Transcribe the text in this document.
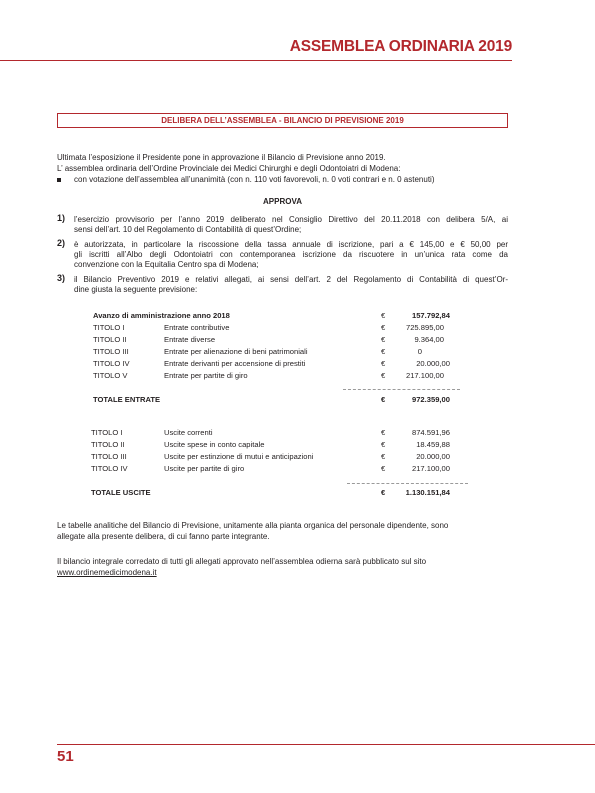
ASSEMBLEA ORDINARIA 2019
DELIBERA DELL’ASSEMBLEA - BILANCIO DI PREVISIONE 2019
Ultimata l’esposizione il Presidente pone in approvazione il Bilancio di Previsione anno 2019.
L’ assemblea ordinaria dell’Ordine Provinciale dei Medici Chirurghi e degli Odontoiatri di Modena:
con votazione dell’assemblea all’unanimità (con n. 110 voti favorevoli, n. 0 voti contrari e n. 0 astenuti)
APPROVA
1) l’esercizio provvisorio per l’anno 2019 deliberato nel Consiglio Direttivo del 20.11.2018 con delibera 5/A, ai
sensi dell’art. 10 del Regolamento di Contabilità di quest’Ordine;
2) è autorizzata, in particolare la riscossione della tassa annuale di iscrizione, pari a € 145,00 e € 50,00 per
gli iscritti all’Albo degli Odontoiatri con contemporanea iscrizione da riscuotere in un’unica rata come da
convenzione con la Equitalia Centro spa di Modena;
3) il Bilancio Preventivo 2019 e relativi allegati, ai sensi dell’art. 2 del Regolamento di Contabilità di quest’Or-
dine giusta la seguente previsione:
Avanzo di amministrazione anno 2018	€	157.792,84
TITOLO I	Entrate contributive	€	725.895,00
TITOLO II	Entrate diverse	€	9.364,00
TITOLO III	Entrate per alienazione di beni patrimoniali	€	0
TITOLO IV	Entrate derivanti per accensione di prestiti	€	20.000,00
TITOLO V	Entrate per partite di giro	€	217.100,00
TOTALE ENTRATE	€	972.359,00
TITOLO I	Uscite correnti	€	874.591,96
TITOLO II	Uscite spese in conto capitale	€	18.459,88
TITOLO III	Uscite per estinzione di mutui e anticipazioni	€	20.000,00
TITOLO IV	Uscite per partite di giro	€	217.100,00
TOTALE USCITE	€	1.130.151,84
Le tabelle analitiche del Bilancio di Previsione, unitamente alla pianta organica del personale dipendente, sono
allegate alla presente delibera, di cui fanno parte integrante.
Il bilancio integrale corredato di tutti gli allegati approvato nell’assemblea odierna sarà pubblicato sul sito
www.ordinemedicimodena.it
51
